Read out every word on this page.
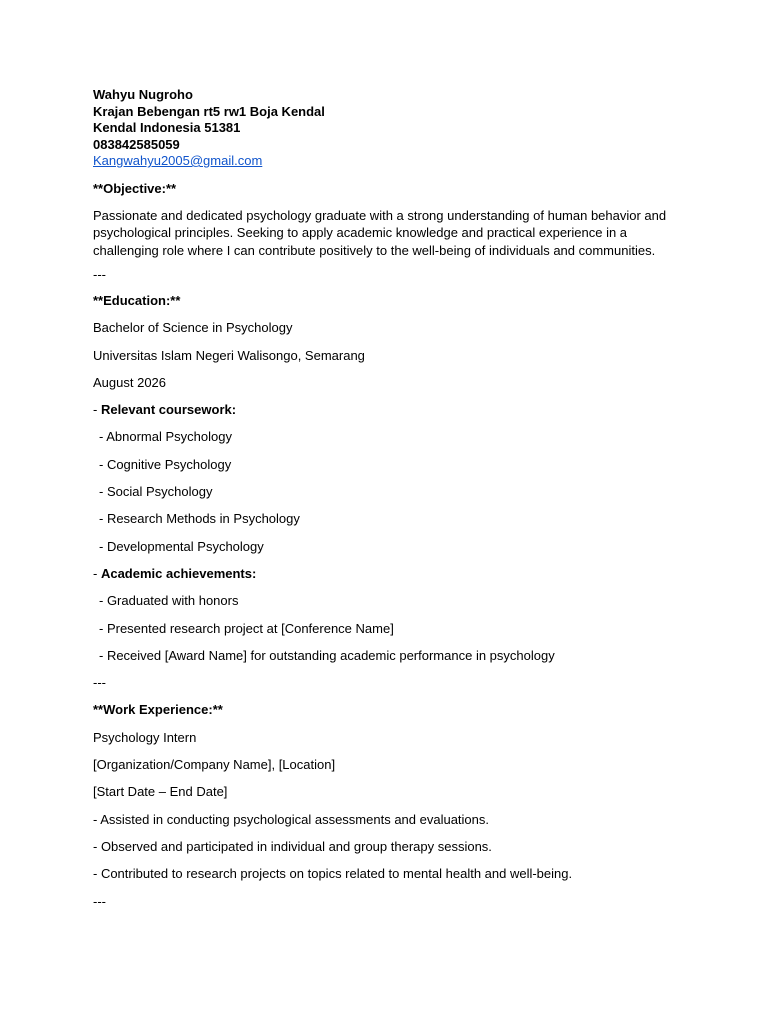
Wahyu Nugroho
Krajan Bebengan rt5 rw1 Boja Kendal
Kendal Indonesia 51381
083842585059
Kangwahyu2005@gmail.com
**Objective:**

Passionate and dedicated psychology graduate with a strong understanding of human behavior and psychological principles. Seeking to apply academic knowledge and practical experience in a challenging role where I can contribute positively to the well-being of individuals and communities.

---
**Education:**
Bachelor of Science in Psychology
Universitas Islam Negeri Walisongo, Semarang
August 2026
- Relevant coursework:
- Abnormal Psychology
- Cognitive Psychology
- Social Psychology
- Research Methods in Psychology
- Developmental Psychology
- Academic achievements:
- Graduated with honors
- Presented research project at [Conference Name]
- Received [Award Name] for outstanding academic performance in psychology
---
**Work Experience:**
Psychology Intern
[Organization/Company Name], [Location]
[Start Date – End Date]
- Assisted in conducting psychological assessments and evaluations.
- Observed and participated in individual and group therapy sessions.
- Contributed to research projects on topics related to mental health and well-being.
---
